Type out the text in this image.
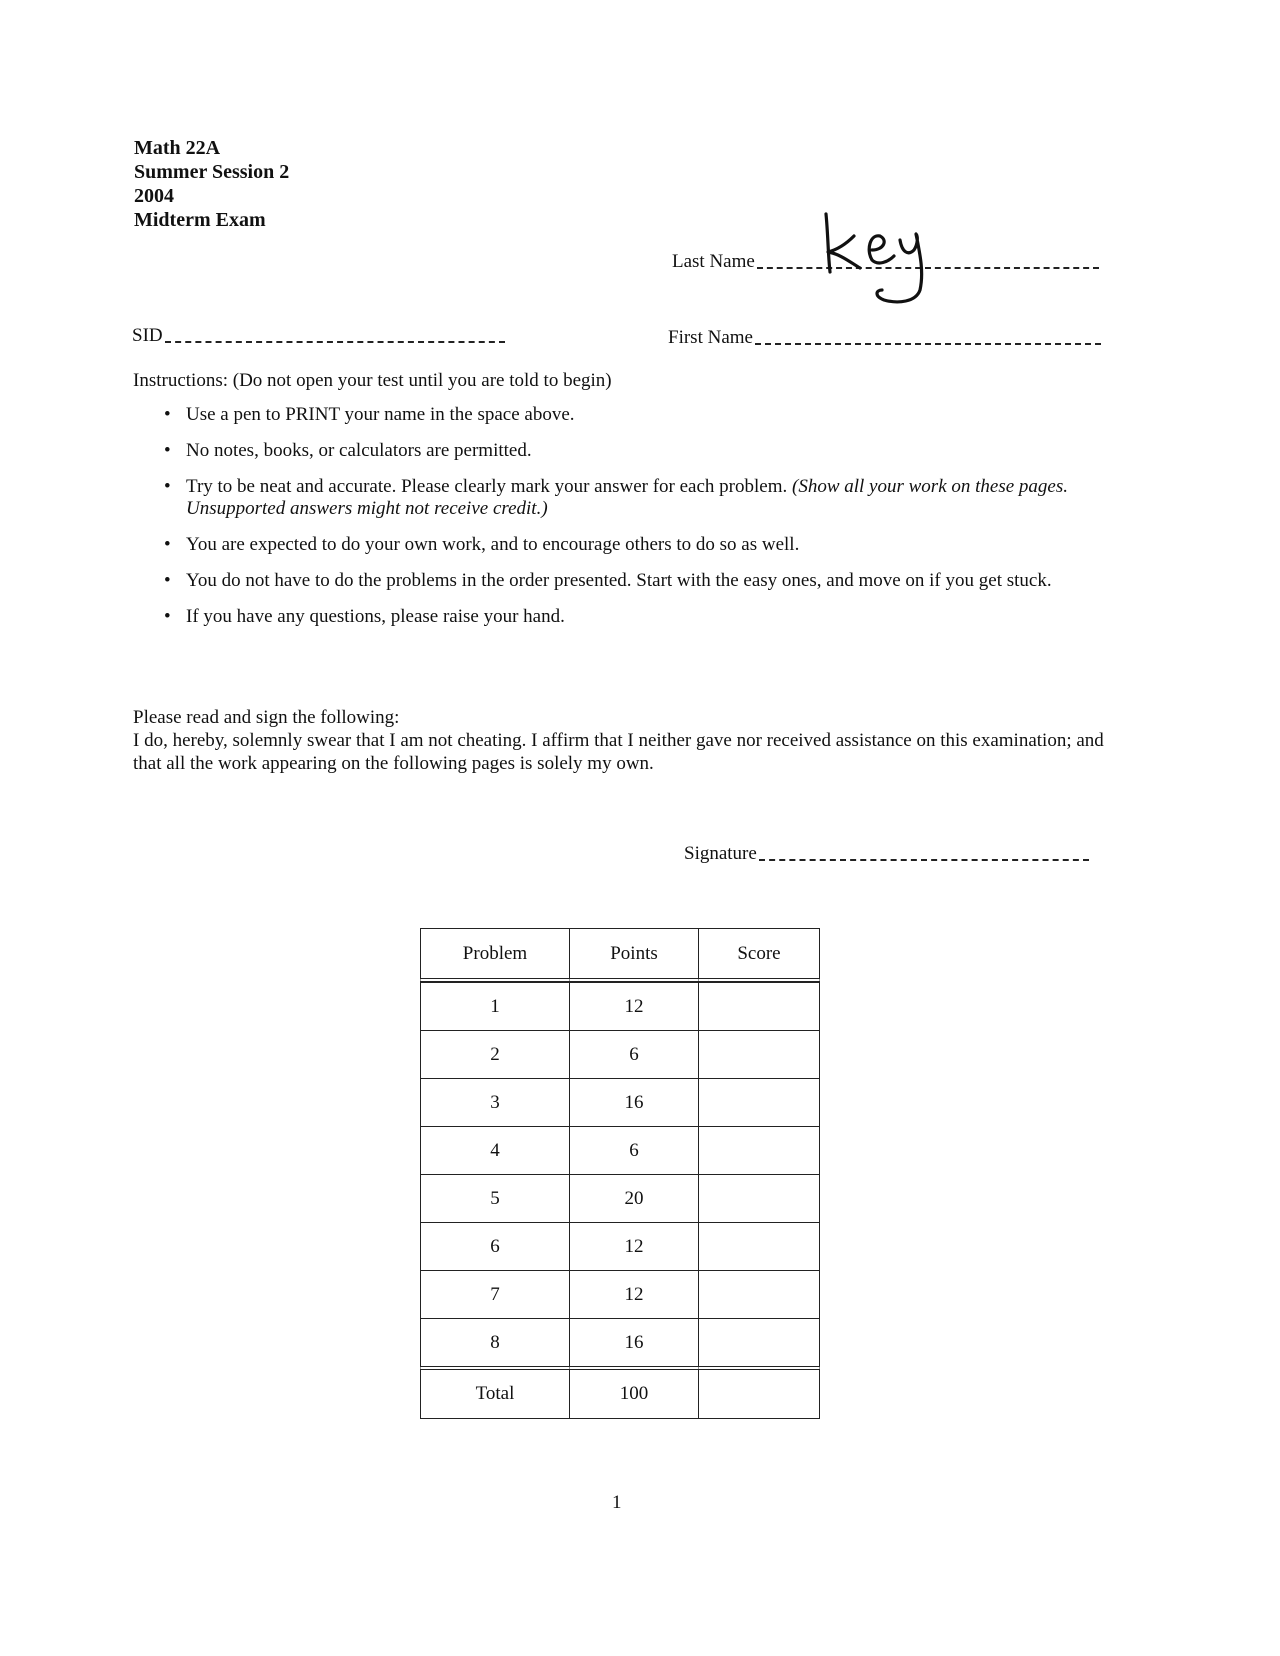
Math 22A
Summer Session 2
2004
Midterm Exam
Last Name
SID	First Name
Instructions: (Do not open your test until you are told to begin)
• Use a pen to PRINT your name in the space above.
• No notes, books, or calculators are permitted.
• Try to be neat and accurate. Please clearly mark your answer for each problem. (Show all your work on these pages. Unsupported answers might not receive credit.)
• You are expected to do your own work, and to encourage others to do so as well.
• You do not have to do the problems in the order presented. Start with the easy ones, and move on if you get stuck.
• If you have any questions, please raise your hand.

Please read and sign the following:

I do, hereby, solemnly swear that I am not cheating. I affirm that I neither gave nor received assistance on this examination; and that all the work appearing on the following pages is solely my own.

Signature
Problem	Points	Score
1	12	
2	6	
3	16	
4	6	
5	20	
6	12	
7	12	
8	16	
Total	100	
1
